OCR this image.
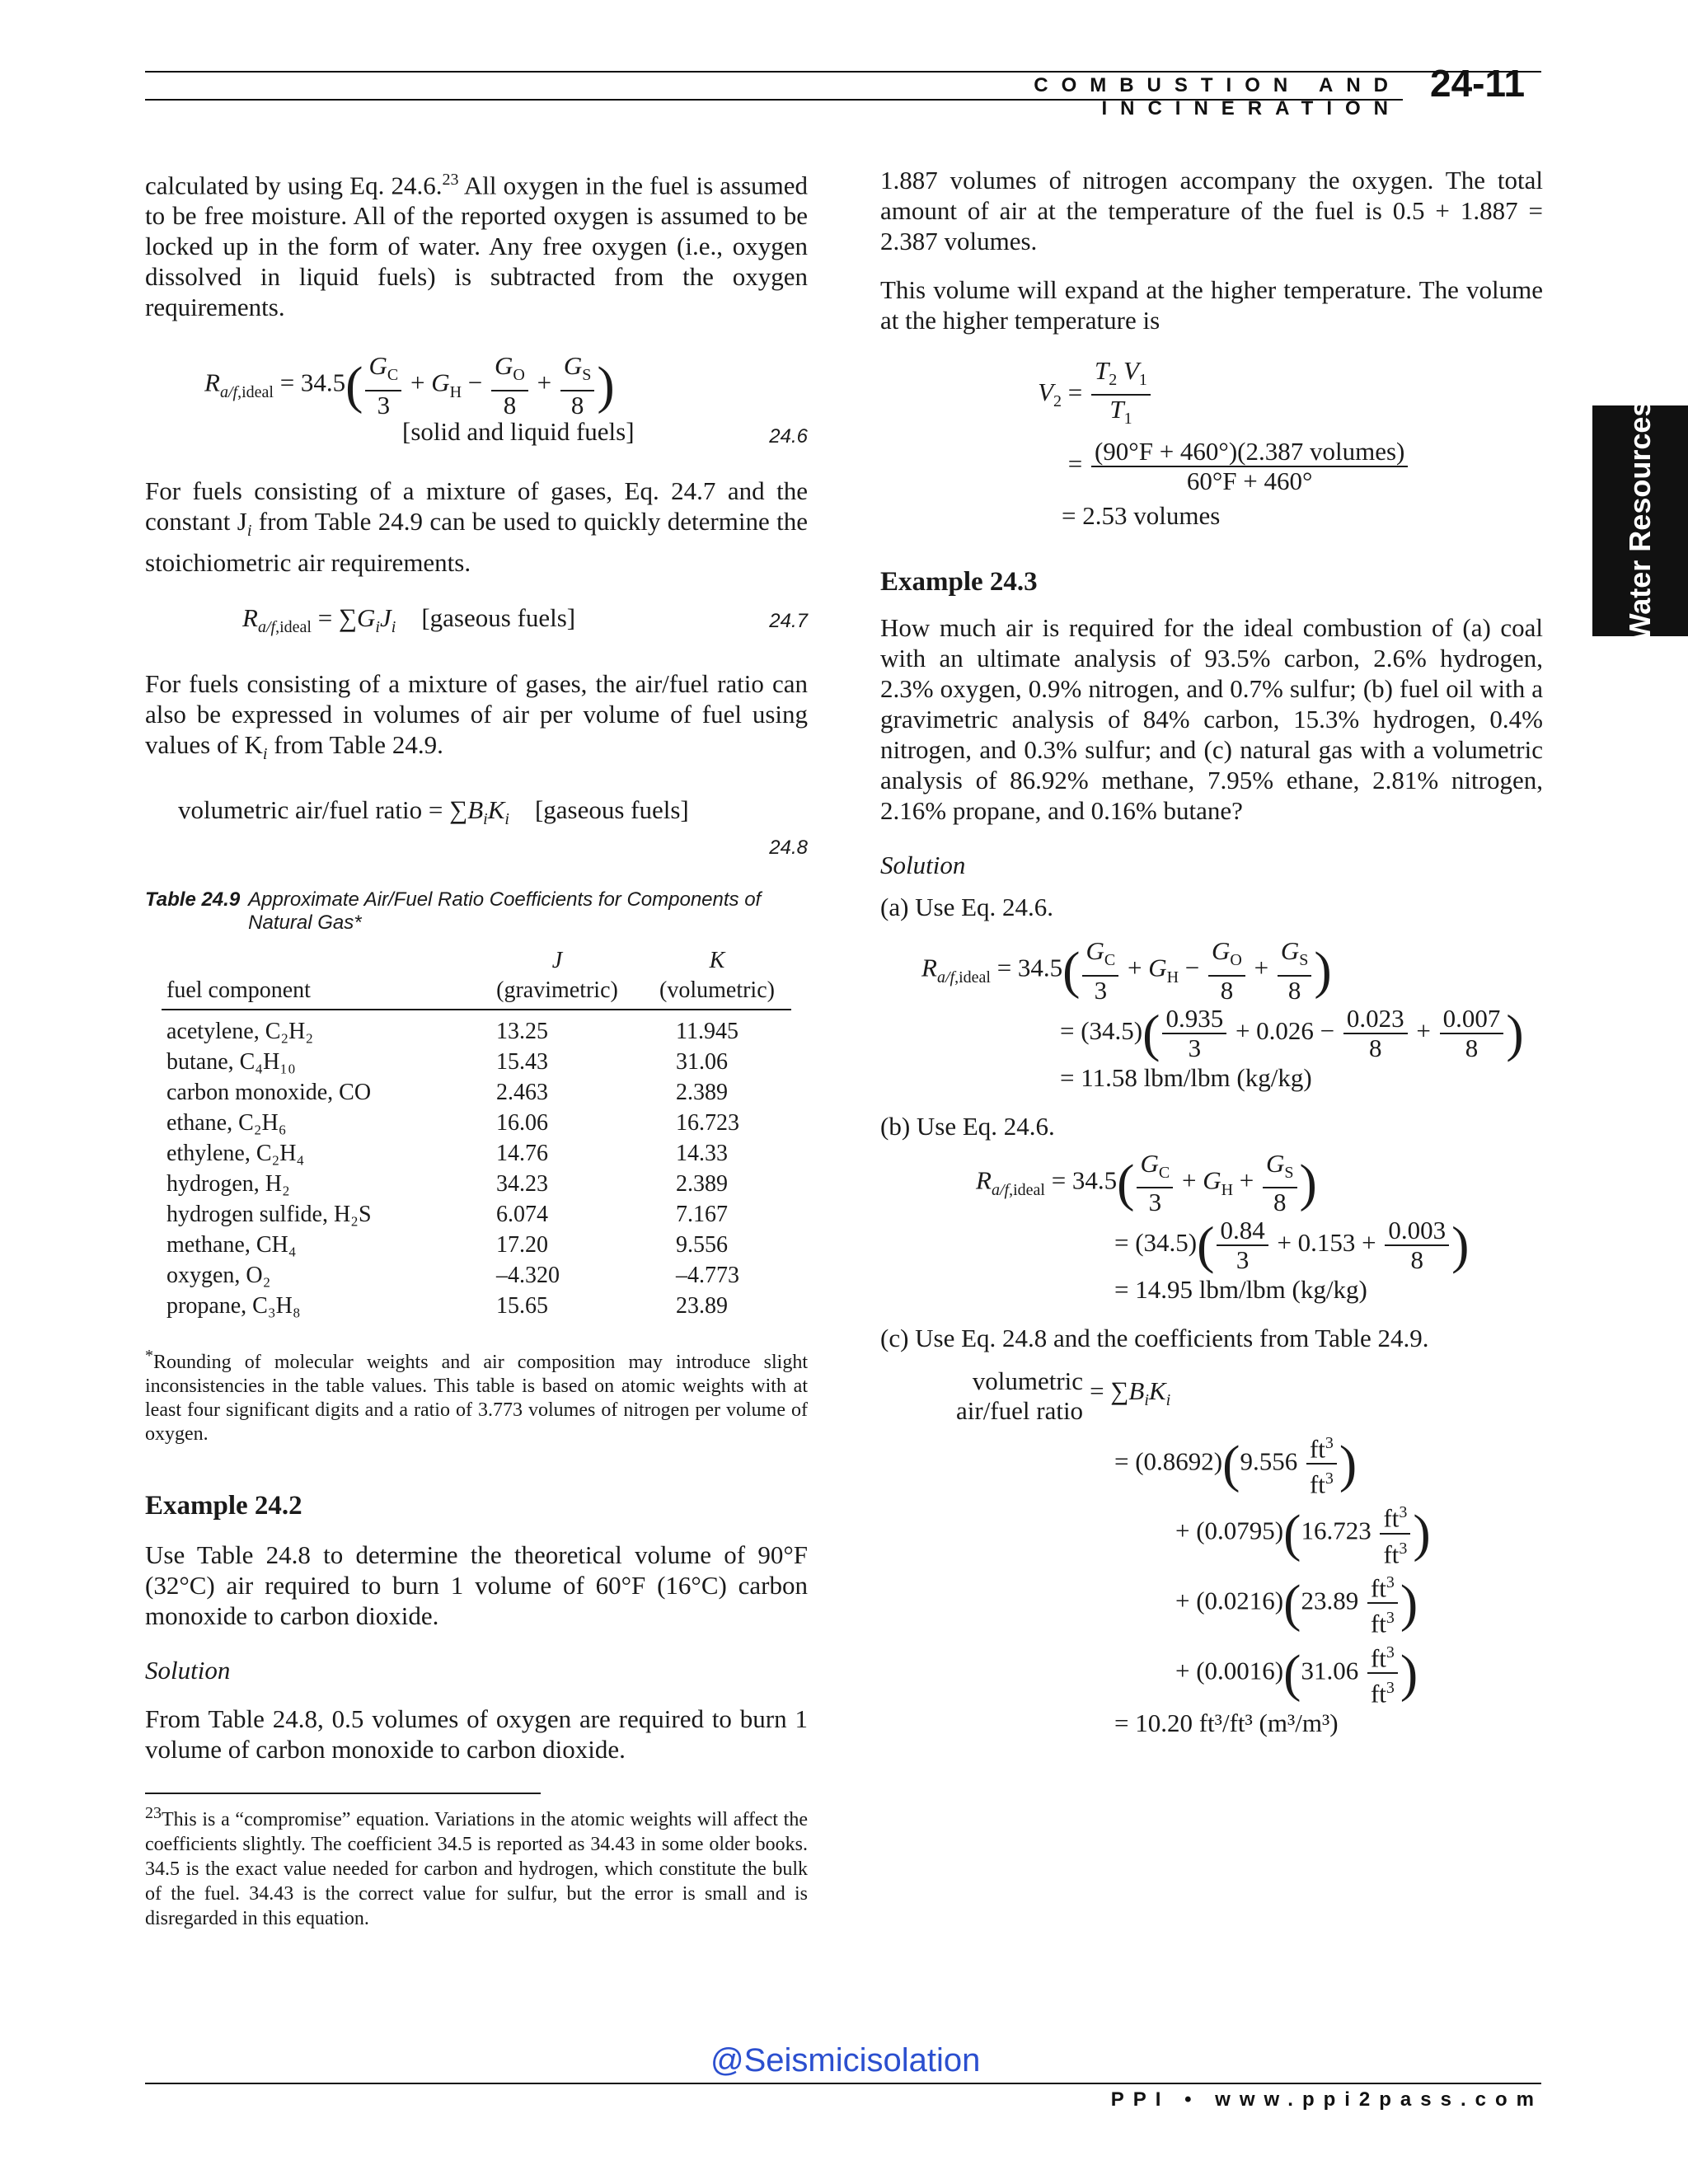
COMBUSTION AND INCINERATION
24-11
Water Resources

calculated by using Eq. 24.6.23 All oxygen in the fuel is assumed to be free moisture. All of the reported oxygen is assumed to be locked up in the form of water. Any free oxygen (i.e., oxygen dissolved in liquid fuels) is subtracted from the oxygen requirements.

$R_{a/f,ideal} = 34.5( \frac{G_C}{3} + G_H - \frac{G_O}{8} + \frac{G_S}{8}$ )
[solid and liquid fuels]	24.6

For fuels consisting of a mixture of gases, Eq. 24.7 and the constant $J_i$ from Table 24.9 can be used to quickly determine the stoichiometric air requirements.

$R_{a/f,ideal} = \sum G_iJ_i$ [gaseous fuels]	24.7

For fuels consisting of a mixture of gases, the air/fuel ratio can also be expressed in volumes of air per volume of fuel using values of $K_i$ from Table 24.9.

volumetric air/fuel ratio = $\sum B_iK_i$ [gaseous fuels]
24.8
Table 24.9 Approximate Air/Fuel Ratio Coefficients for Components of Natural Gas*
	J	K
fuel component	(gravimetric)	(volumetric)

acetylene, C₂H₂	13.25	11.945
butane, C₄H₁₀	15.43	31.06
carbon monoxide, CO	2.463	2.389
ethane, C₂H₆	16.06	16.723
ethylene, C₂H₄	14.76	14.33
hydrogen, H₂	34.23	2.389
hydrogen sulfide, H₂S	6.074	7.167
methane, CH₄	17.20	9.556
oxygen, O₂	–4.320	–4.773
propane, C₃H₈	15.65	23.89

*Rounding of molecular weights and air composition may introduce slight inconsistencies in the table values. This table is based on atomic weights with at least four significant digits and a ratio of 3.773 volumes of nitrogen per volume of oxygen.

Example 24.2

Use Table 24.8 to determine the theoretical volume of 90°F (32°C) air required to burn 1 volume of 60°F (16°C) carbon monoxide to carbon dioxide.

Solution

From Table 24.8, 0.5 volumes of oxygen are required to burn 1 volume of carbon monoxide to carbon dioxide.

$^{23}$This is a “compromise” equation. Variations in the atomic weights will affect the coefficients slightly. The coefficient 34.5 is reported as 34.43 in some older books. 34.5 is the exact value needed for carbon and hydrogen, which constitute the bulk of the fuel. 34.43 is the correct value for sulfur, but the error is small and is disregarded in this equation.

1.887 volumes of nitrogen accompany the oxygen. The total amount of air at the temperature of the fuel is 0.5 + 1.887 = 2.387 volumes.

This volume will expand at the higher temperature. The volume at the higher temperature is

$V_2 = \frac{T_2 V_1}{T_1}$
= $\frac{\text{(90°F + 460°)(2.387 volumes)}}{60^\circ F + 460^\circ}$
= 2.53 volumes
Example 24.3

How much air is required for the ideal combustion of (a) coal with an ultimate analysis of 93.5% carbon, 2.6% hydrogen, 2.3% oxygen, 0.9% nitrogen, and 0.7% sulfur; (b) fuel oil with a gravimetric analysis of 84% carbon, 15.3% hydrogen, 0.4% nitrogen, and 0.3% sulfur; and (c) natural gas with a volumetric analysis of 86.92% methane, 7.95% ethane, 2.81% nitrogen, 2.16% propane, and 0.16% butane?

Solution

(a) Use Eq. 24.6.

$R_{a/f,ideal} = 34.5( \frac{G_C}{3} + G_H - \frac{G_O}{8} + \frac{G_S}{8}$ )
= $(34.5)( \frac{0.935}{3} + 0.026 - \frac{0.023}{8} + \frac{0.007}{8}$ )
= 11.58 lbm/lbm (kg/kg)

(b) Use Eq. 24.6.

$R_{a/f,ideal} = 34.5( \frac{G_C}{3} + G_H + \frac{G_S}{8}$ )
= $(34.5)( \frac{0.84}{3} + 0.153 + \frac{0.003}{8}$ )
= 14.95 lbm/lbm (kg/kg)

(c) Use Eq. 24.8 and the coefficients from Table 24.9.

volumetric
air/fuel ratio
= $\sum B_iK_i$
= $(0.8692)(9.556 \frac{ft^3}{ft^3}$ )
+ $(0.0795)(16.723 \frac{ft^3}{ft^3}$ )
+ $(0.0216)(23.89 \frac{ft^3}{ft^3}$ )
+ $(0.0016)(31.06 \frac{ft^3}{ft^3}$ )
= 10.20 ft³/ft³ (m³/m³)
@Seismicisolation
PPI • www.ppi2pass.com
